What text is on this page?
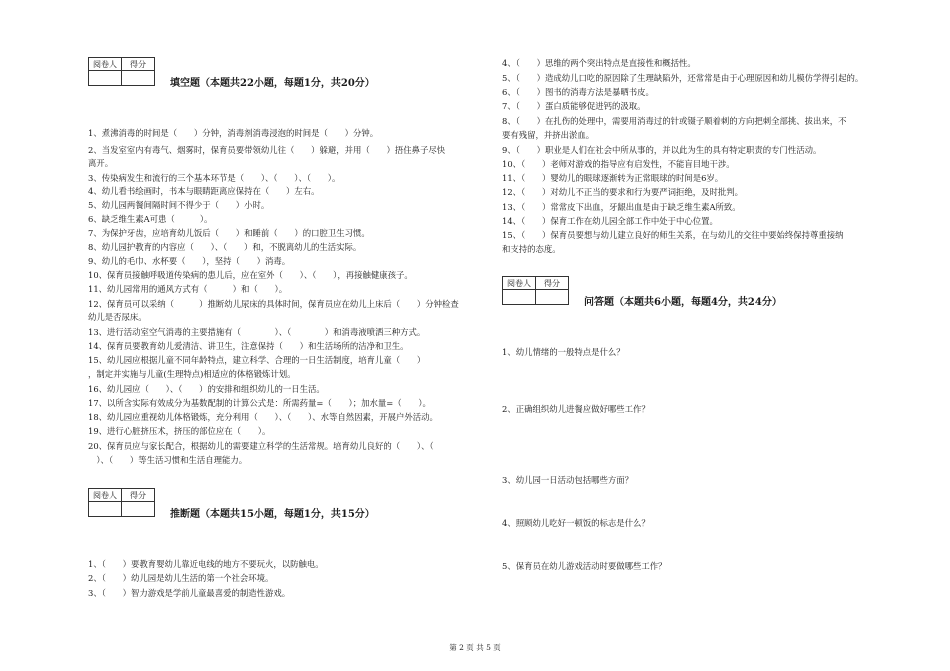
阅卷人	得分

填空题（本题共22小题，每题1分，共20分）
1、煮沸消毒的时间是（　　）分钟，消毒剂消毒浸泡的时间是（　　）分钟。
2、当发室室内有毒气、烟雾时，保育员要带领幼儿往（　　）躲避，并用（　　）捂住鼻子尽快
离开。
3、传染病发生和流行的三个基本环节是（　　）、（　　）、（　　）。
4、幼儿看书绘画时，书本与眼睛距离应保持在（　　）左右。
5、幼儿园两餐间隔时间不得少于（　　）小时。
6、缺乏维生素A可患（　　　）。
7、为保护牙齿，应培育幼儿饭后（　　）和睡前（　　）的口腔卫生习惯。
8、幼儿园护教育的内容应（　　）、（　　）和，不脱离幼儿的生活实际。
9、幼儿的毛巾、水杯要（　　），坚持（　　）消毒。
10、保育员接触呼吸道传染病的患儿后，应在室外（　　）、（　　），再接触健康孩子。
11、幼儿园常用的通风方式有（　　　）和（　　）。
12、保育员可以采纳（　　　）推断幼儿尿床的具体时间，保育员应在幼儿上床后（　　）分钟检查
幼儿是否尿床。
13、进行活动室空气消毒的主要措施有（　　　　）、（　　　　）和消毒液喷洒三种方式。
14、保育员要教育幼儿爱清洁、讲卫生，注意保持（　　）和生活场所的洁净和卫生。
15、幼儿园应根据儿童不同年龄特点，建立科学、合理的一日生活制度，培育儿童（　　）
，制定并实施与儿童(生理特点)相适应的体格锻炼计划。
16、幼儿园应（　　）、（　　）的安排和组织幼儿的一日生活。
17、以所含实际有效成分为基数配制的计算公式是：所需药量=（　　）；加水量=（　　）。
18、幼儿园应重视幼儿体格锻炼，充分利用（　　）、（　　）、水等自然因素，开展户外活动。
19、进行心脏挤压术，挤压的部位应在（　　）。
20、保育员应与家长配合，根据幼儿的需要建立科学的生活常规。培育幼儿良好的（　　）、（
　）、（　　）等生活习惯和生活自理能力。
阅卷人	得分

推断题（本题共15小题，每题1分，共15分）
1、（　　）要教育婴幼儿靠近电线的地方不要玩火，以防触电。
2、（　　）幼儿园是幼儿生活的第一个社会环境。
3、（　　）智力游戏是学前儿童最喜爱的制造性游戏。
4、（　　）思维的两个突出特点是直接性和概括性。
5、（　　）造成幼儿口吃的原因除了生理缺陷外，还常常是由于心理原因和幼儿模仿学得引起的。
6、（　　）图书的消毒方法是暴晒书皮。
7、（　　）蛋白质能够促进钙的汲取。
8、（　　）在扎伤的处理中，需要用消毒过的针或镊子顺着刺的方向把刺全部挑、拔出来，不
要有残留，并挤出淤血。
9、（　　）职业是人们在社会中所从事的，并以此为生的具有特定职责的专门性活动。
10、（　　）老师对游戏的指导应有启发性，不能盲目地干涉。
11、（　　）婴幼儿的眼球逐渐转为正常眼球的时间是6岁。
12、（　　）对幼儿不正当的要求和行为要严词拒绝，及时批判。
13、（　　）常常皮下出血，牙龈出血是由于缺乏维生素A所致。
14、（　　）保育工作在幼儿园全部工作中处于中心位置。
15、（　　）保育员要想与幼儿建立良好的师生关系，在与幼儿的交往中要始终保持尊重接纳
和支持的态度。
阅卷人	得分

问答题（本题共6小题，每题4分，共24分）
1、幼儿情绪的一般特点是什么？
2、正确组织幼儿进餐应做好哪些工作？
3、幼儿园一日活动包括哪些方面？
4、照顾幼儿吃好一顿饭的标志是什么？
5、保育员在幼儿游戏活动时要做哪些工作？
第 2 页 共 5 页
